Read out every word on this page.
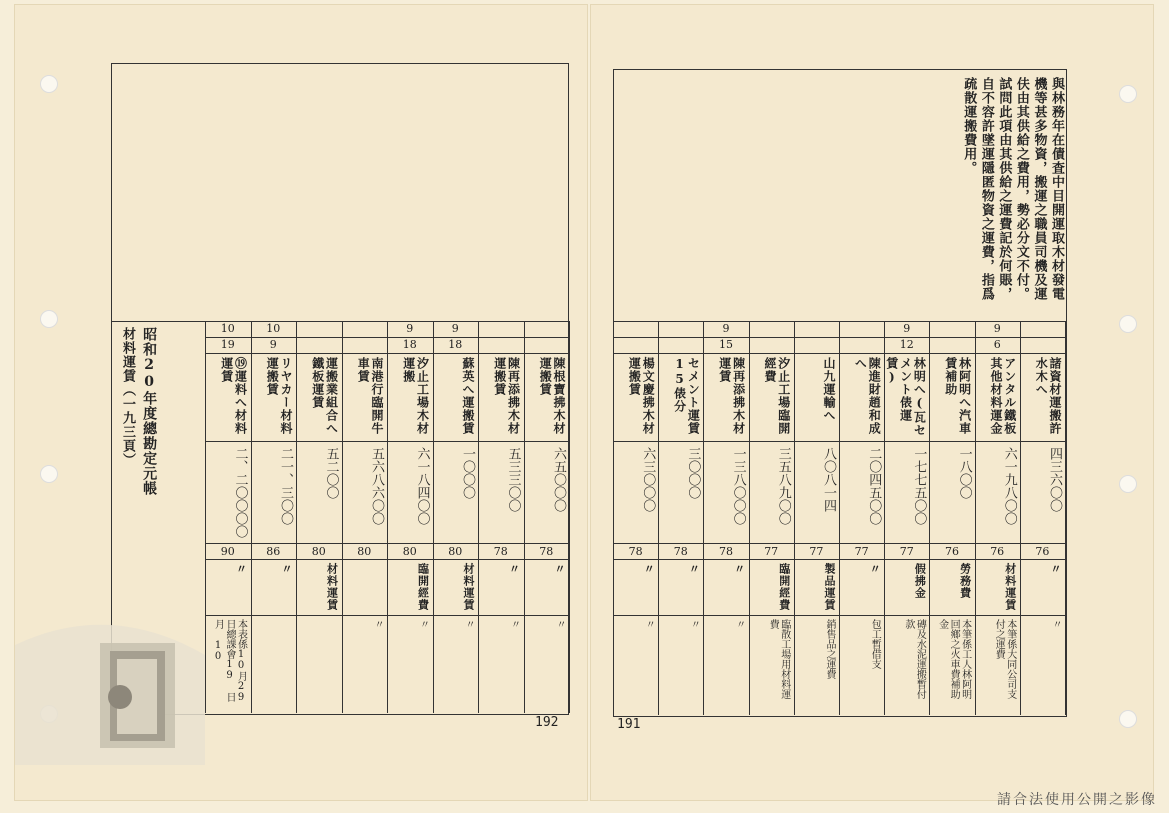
昭和20年度總勘定元帳
材料運賃（一九三頁）	10
19
⑲運料へ材料運賃
二、二〇〇〇〇
90
〃
本表係10月29日總課會19 日月 10
10
9
リヤカー材料運搬賃
二一、三〇〇
86
〃
運搬業組合へ鐵板運賃
五二〇〇
80
材料運賃
南港行臨開牛車賃
五六八六〇〇
80
〃
9
18
汐止工場木材運搬
六一八四〇〇
80
臨開經費
〃
9
18
蘇英へ運搬賃
一〇〇〇
80
材料運賃
〃
陳再添拂木材運搬賃
五三三〇〇
78
〃
〃
陳根寶拂木材運搬賃
六五〇〇〇
78
〃
〃
192
與林務年在債査中目開運取木材發電機等甚多物資，搬運之職員司機及運伕由其供給之費用，勢必分文不付。試問此項由其供給之運費記於何賬，自不容許墜運隱匿物資之運費，指爲疏散運搬費用。
楊文慶拂木材運搬賃
六三〇〇〇
78
〃
〃
セメント運賃15俵分
三〇〇〇
78
〃
〃
9
15
陳再添拂木材運賃
一三八〇〇〇
78
〃
〃
汐止工場臨開經費
三五八九〇〇
77
臨開經費
臨散工場用材料運費
山九運輸へ
八〇八一四
77
製品運賃
銷售品之運費
陳進財趙和成へ
二〇四五〇〇
77
〃
包工暫借支
9
12
林明へ(瓦セメント俵運賃)
一七七五〇〇
77
假拂金
磚及水泥運搬暫付款
林阿明へ汽車賃補助
一八〇〇
76
勞務費
本筆係工人林阿明回鄉之火車費補助金
9
6
アンタル鐵板其他材料運金
六一九八〇〇
76
材料運賃
本筆係大同公司支付之運費
諸資材運搬許水木へ
四三六〇〇
76
〃
〃
191
請合法使用公開之影像
